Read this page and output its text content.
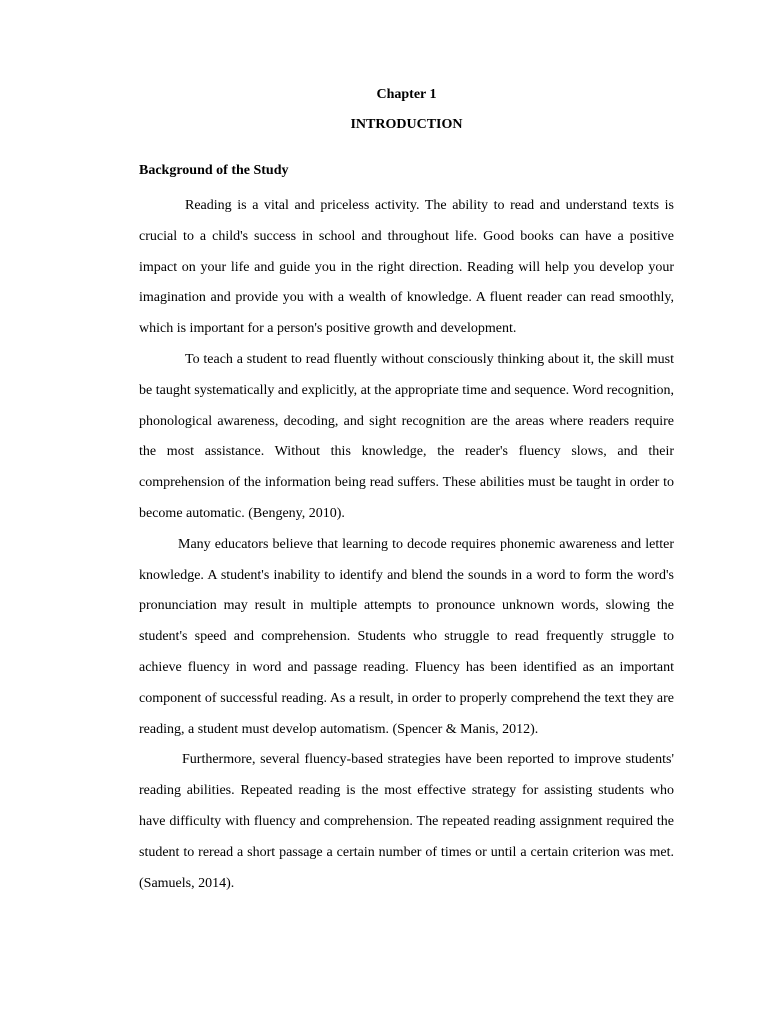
Chapter 1
INTRODUCTION
Background of the Study

Reading is a vital and priceless activity. The ability to read and understand texts is crucial to a child's success in school and throughout life. Good books can have a positive impact on your life and guide you in the right direction. Reading will help you develop your imagination and provide you with a wealth of knowledge. A fluent reader can read smoothly, which is important for a person's positive growth and development.

To teach a student to read fluently without consciously thinking about it, the skill must be taught systematically and explicitly, at the appropriate time and sequence. Word recognition, phonological awareness, decoding, and sight recognition are the areas where readers require the most assistance. Without this knowledge, the reader's fluency slows, and their comprehension of the information being read suffers. These abilities must be taught in order to become automatic. (Bengeny, 2010).

Many educators believe that learning to decode requires phonemic awareness and letter knowledge. A student's inability to identify and blend the sounds in a word to form the word's pronunciation may result in multiple attempts to pronounce unknown words, slowing the student's speed and comprehension. Students who struggle to read frequently struggle to achieve fluency in word and passage reading. Fluency has been identified as an important component of successful reading. As a result, in order to properly comprehend the text they are reading, a student must develop automatism. (Spencer & Manis, 2012).

Furthermore, several fluency-based strategies have been reported to improve students' reading abilities. Repeated reading is the most effective strategy for assisting students who have difficulty with fluency and comprehension. The repeated reading assignment required the student to reread a short passage a certain number of times or until a certain criterion was met. (Samuels, 2014).
